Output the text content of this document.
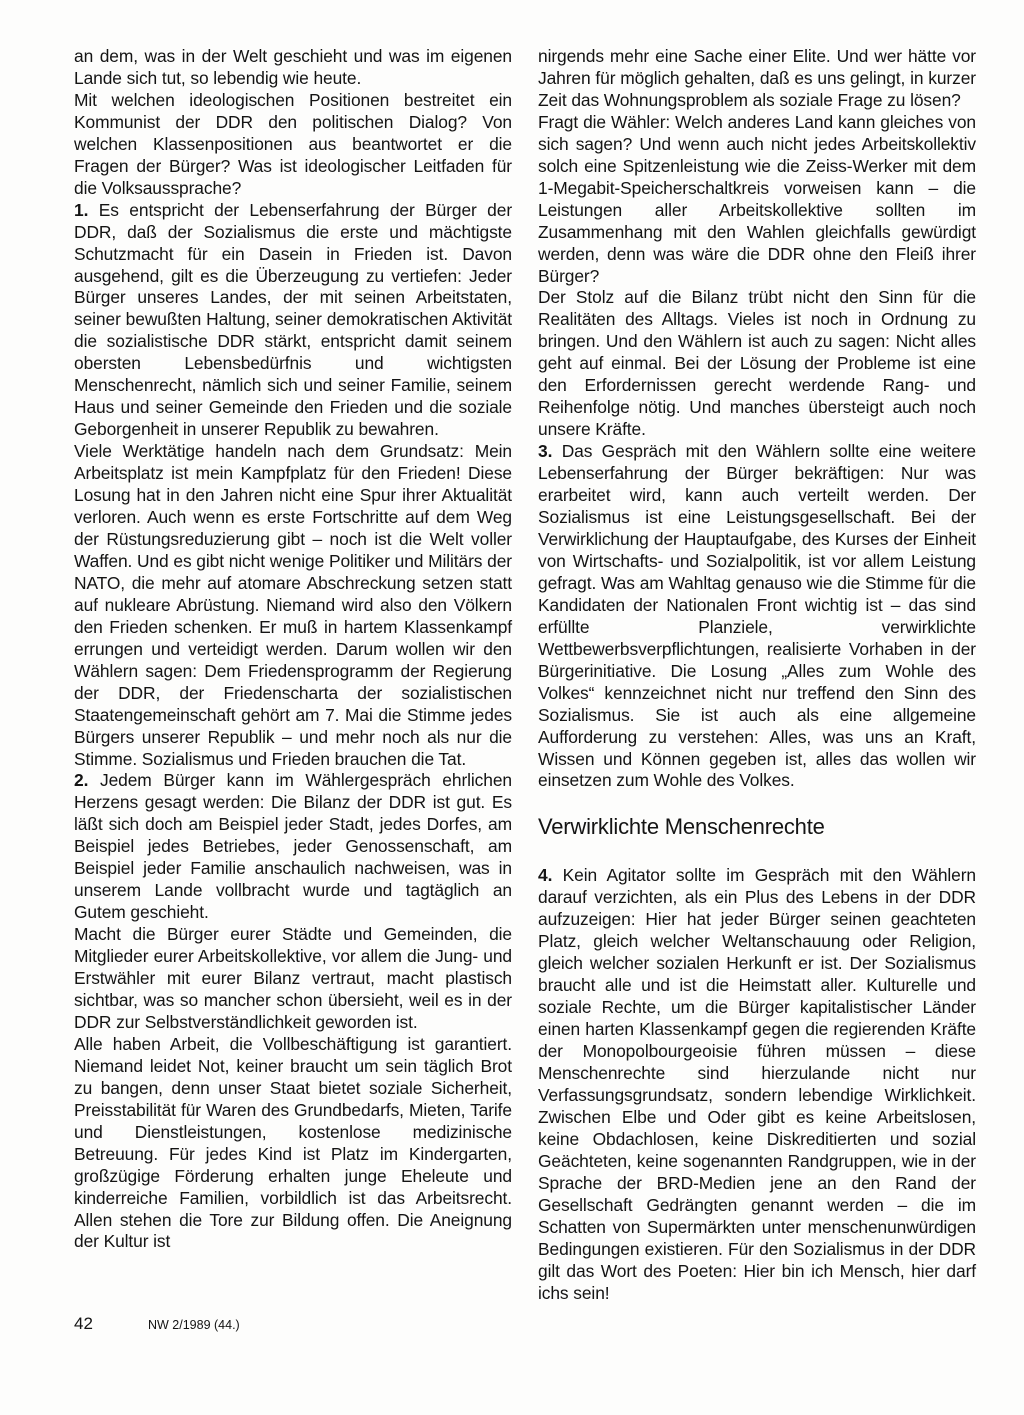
an dem, was in der Welt geschieht und was im eigenen Lande sich tut, so lebendig wie heute.

Mit welchen ideologischen Positionen bestreitet ein Kommunist der DDR den politischen Dialog? Von welchen Klassenpositionen aus beantwortet er die Fragen der Bürger? Was ist ideologischer Leitfaden für die Volksaussprache?

1. Es entspricht der Lebenserfahrung der Bürger der DDR, daß der Sozialismus die erste und mächtigste Schutzmacht für ein Dasein in Frieden ist. Davon ausgehend, gilt es die Überzeugung zu vertiefen: Jeder Bürger unseres Landes, der mit seinen Arbeitstaten, seiner bewußten Haltung, seiner demokratischen Aktivität die sozialistische DDR stärkt, entspricht damit seinem obersten Lebensbedürfnis und wichtigsten Menschenrecht, nämlich sich und seiner Familie, seinem Haus und seiner Gemeinde den Frieden und die soziale Geborgenheit in unserer Republik zu bewahren.

Viele Werktätige handeln nach dem Grundsatz: Mein Arbeitsplatz ist mein Kampfplatz für den Frieden! Diese Losung hat in den Jahren nicht eine Spur ihrer Aktualität verloren. Auch wenn es erste Fortschritte auf dem Weg der Rüstungsreduzierung gibt – noch ist die Welt voller Waffen. Und es gibt nicht wenige Politiker und Militärs der NATO, die mehr auf atomare Abschreckung setzen statt auf nukleare Abrüstung. Niemand wird also den Völkern den Frieden schenken. Er muß in hartem Klassenkampf errungen und verteidigt werden. Darum wollen wir den Wählern sagen: Dem Friedensprogramm der Regierung der DDR, der Friedenscharta der sozialistischen Staatengemeinschaft gehört am 7. Mai die Stimme jedes Bürgers unserer Republik – und mehr noch als nur die Stimme. Sozialismus und Frieden brauchen die Tat.

2. Jedem Bürger kann im Wählergespräch ehrlichen Herzens gesagt werden: Die Bilanz der DDR ist gut. Es läßt sich doch am Beispiel jeder Stadt, jedes Dorfes, am Beispiel jedes Betriebes, jeder Genossenschaft, am Beispiel jeder Familie anschaulich nachweisen, was in unserem Lande vollbracht wurde und tagtäglich an Gutem geschieht.

Macht die Bürger eurer Städte und Gemeinden, die Mitglieder eurer Arbeitskollektive, vor allem die Jung- und Erstwähler mit eurer Bilanz vertraut, macht plastisch sichtbar, was so mancher schon übersieht, weil es in der DDR zur Selbstverständlichkeit geworden ist.

Alle haben Arbeit, die Vollbeschäftigung ist garantiert. Niemand leidet Not, keiner braucht um sein täglich Brot zu bangen, denn unser Staat bietet soziale Sicherheit, Preisstabilität für Waren des Grundbedarfs, Mieten, Tarife und Dienstleistungen, kostenlose medizinische Betreuung. Für jedes Kind ist Platz im Kindergarten, großzügige Förderung erhalten junge Eheleute und kinderreiche Familien, vorbildlich ist das Arbeitsrecht. Allen stehen die Tore zur Bildung offen. Die Aneignung der Kultur ist

nirgends mehr eine Sache einer Elite. Und wer hätte vor Jahren für möglich gehalten, daß es uns gelingt, in kurzer Zeit das Wohnungsproblem als soziale Frage zu lösen?

Fragt die Wähler: Welch anderes Land kann gleiches von sich sagen? Und wenn auch nicht jedes Arbeitskollektiv solch eine Spitzenleistung wie die Zeiss-Werker mit dem 1-Megabit-Speicherschaltkreis vorweisen kann – die Leistungen aller Arbeitskollektive sollten im Zusammenhang mit den Wahlen gleichfalls gewürdigt werden, denn was wäre die DDR ohne den Fleiß ihrer Bürger?

Der Stolz auf die Bilanz trübt nicht den Sinn für die Realitäten des Alltags. Vieles ist noch in Ordnung zu bringen. Und den Wählern ist auch zu sagen: Nicht alles geht auf einmal. Bei der Lösung der Probleme ist eine den Erfordernissen gerecht werdende Rang- und Reihenfolge nötig. Und manches übersteigt auch noch unsere Kräfte.

3. Das Gespräch mit den Wählern sollte eine weitere Lebenserfahrung der Bürger bekräftigen: Nur was erarbeitet wird, kann auch verteilt werden. Der Sozialismus ist eine Leistungsgesellschaft. Bei der Verwirklichung der Hauptaufgabe, des Kurses der Einheit von Wirtschafts- und Sozialpolitik, ist vor allem Leistung gefragt. Was am Wahltag genauso wie die Stimme für die Kandidaten der Nationalen Front wichtig ist – das sind erfüllte Planziele, verwirklichte Wettbewerbsverpflichtungen, realisierte Vorhaben in der Bürgerinitiative. Die Losung „Alles zum Wohle des Volkes“ kennzeichnet nicht nur treffend den Sinn des Sozialismus. Sie ist auch als eine allgemeine Aufforderung zu verstehen: Alles, was uns an Kraft, Wissen und Können gegeben ist, alles das wollen wir einsetzen zum Wohle des Volkes.

Verwirklichte Menschenrechte

4. Kein Agitator sollte im Gespräch mit den Wählern darauf verzichten, als ein Plus des Lebens in der DDR aufzuzeigen: Hier hat jeder Bürger seinen geachteten Platz, gleich welcher Weltanschauung oder Religion, gleich welcher sozialen Herkunft er ist. Der Sozialismus braucht alle und ist die Heimstatt aller. Kulturelle und soziale Rechte, um die Bürger kapitalistischer Länder einen harten Klassenkampf gegen die regierenden Kräfte der Monopolbourgeoisie führen müssen – diese Menschenrechte sind hierzulande nicht nur Verfassungsgrundsatz, sondern lebendige Wirklichkeit. Zwischen Elbe und Oder gibt es keine Arbeitslosen, keine Obdachlosen, keine Diskreditierten und sozial Geächteten, keine sogenannten Randgruppen, wie in der Sprache der BRD-Medien jene an den Rand der Gesellschaft Gedrängten genannt werden – die im Schatten von Supermärkten unter menschenunwürdigen Bedingungen existieren. Für den Sozialismus in der DDR gilt das Wort des Poeten: Hier bin ich Mensch, hier darf ichs sein!

42	NW 2/1989 (44.)
